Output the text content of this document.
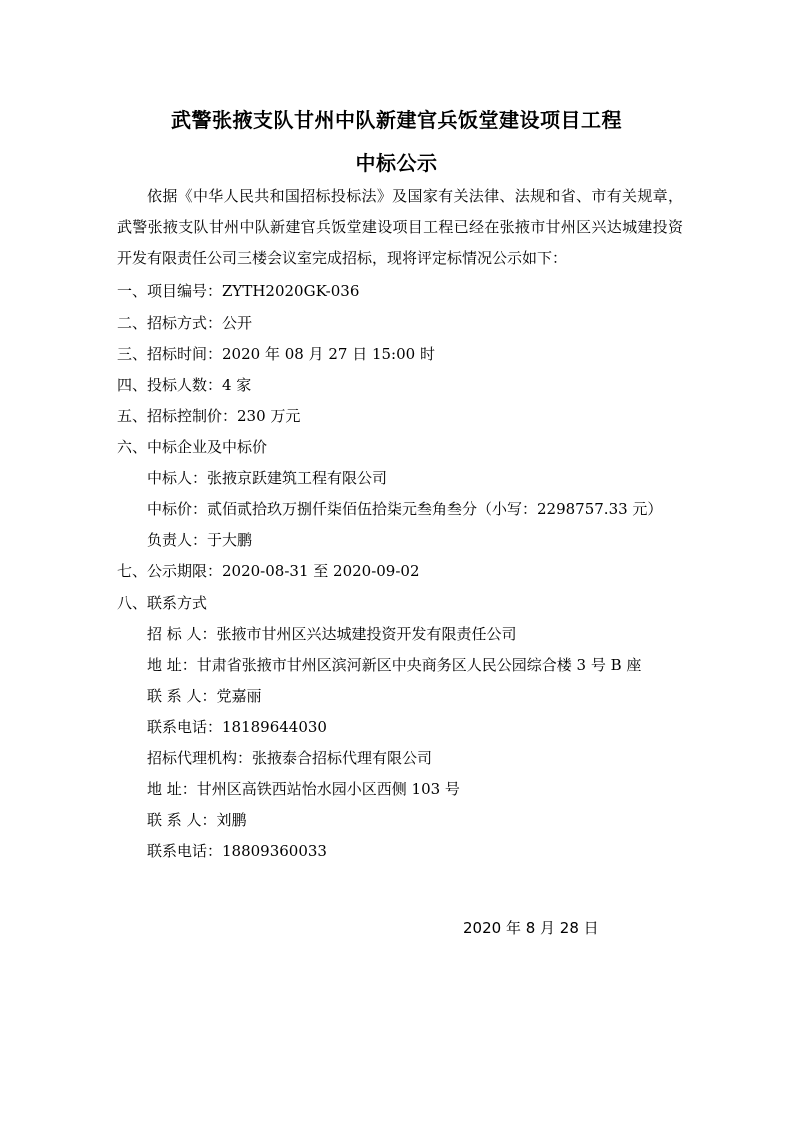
武警张掖支队甘州中队新建官兵饭堂建设项目工程
中标公示

依据《中华人民共和国招标投标法》及国家有关法律、法规和省、市有关规章，武警张掖支队甘州中队新建官兵饭堂建设项目工程已经在张掖市甘州区兴达城建投资开发有限责任公司三楼会议室完成招标，现将评定标情况公示如下：

一、项目编号：ZYTH2020GK-036
二、招标方式：公开
三、招标时间：2020 年 08 月 27 日 15:00 时
四、投标人数：4 家
五、招标控制价：230 万元
六、中标企业及中标价
中标人：张掖京跃建筑工程有限公司
中标价：贰佰贰拾玖万捌仟柒佰伍拾柒元叁角叁分（小写：2298757.33 元）
负责人：于大鹏
七、公示期限：2020-08-31 至 2020-09-02
八、联系方式
招 标 人：张掖市甘州区兴达城建投资开发有限责任公司
地 址：甘肃省张掖市甘州区滨河新区中央商务区人民公园综合楼 3 号 B 座
联 系 人：党嘉丽
联系电话：18189644030
招标代理机构：张掖泰合招标代理有限公司
地 址：甘州区高铁西站怡水园小区西侧 103 号
联 系 人：刘鹏
联系电话：18809360033
2020 年 8 月 28 日
